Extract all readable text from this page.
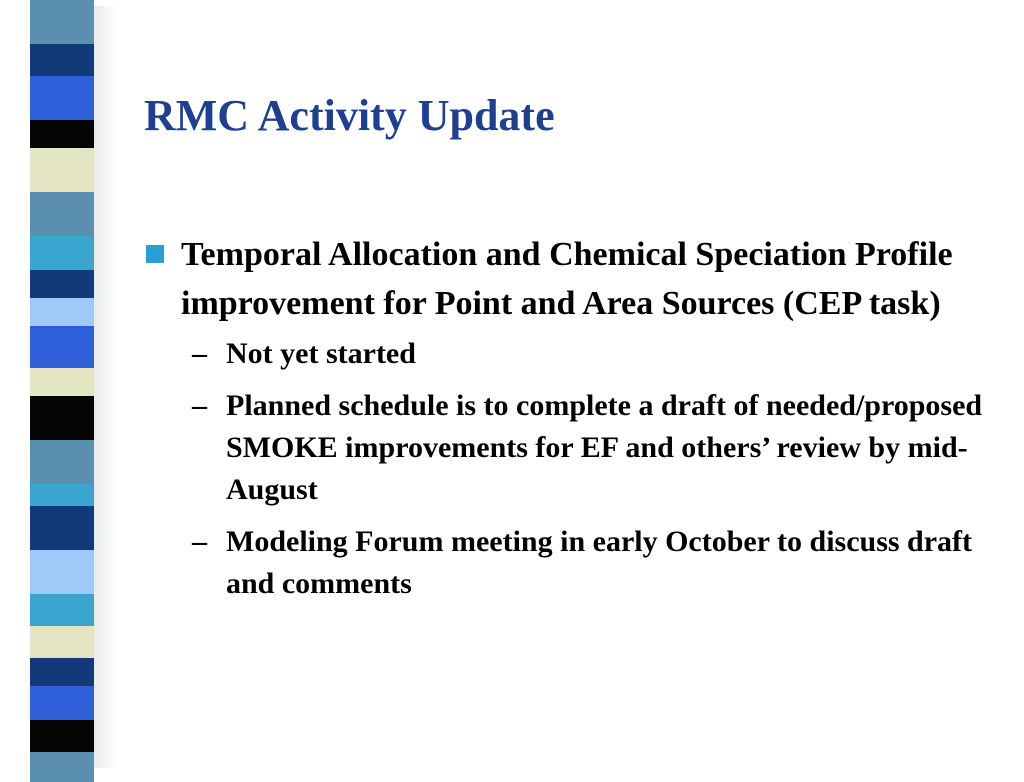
RMC Activity Update
Temporal Allocation and Chemical Speciation Profile improvement for Point and Area Sources (CEP task)
– Not yet started
– Planned schedule is to complete a draft of needed/proposed SMOKE improvements for EF and others’ review by mid-August
– Modeling Forum meeting in early October to discuss draft and comments
